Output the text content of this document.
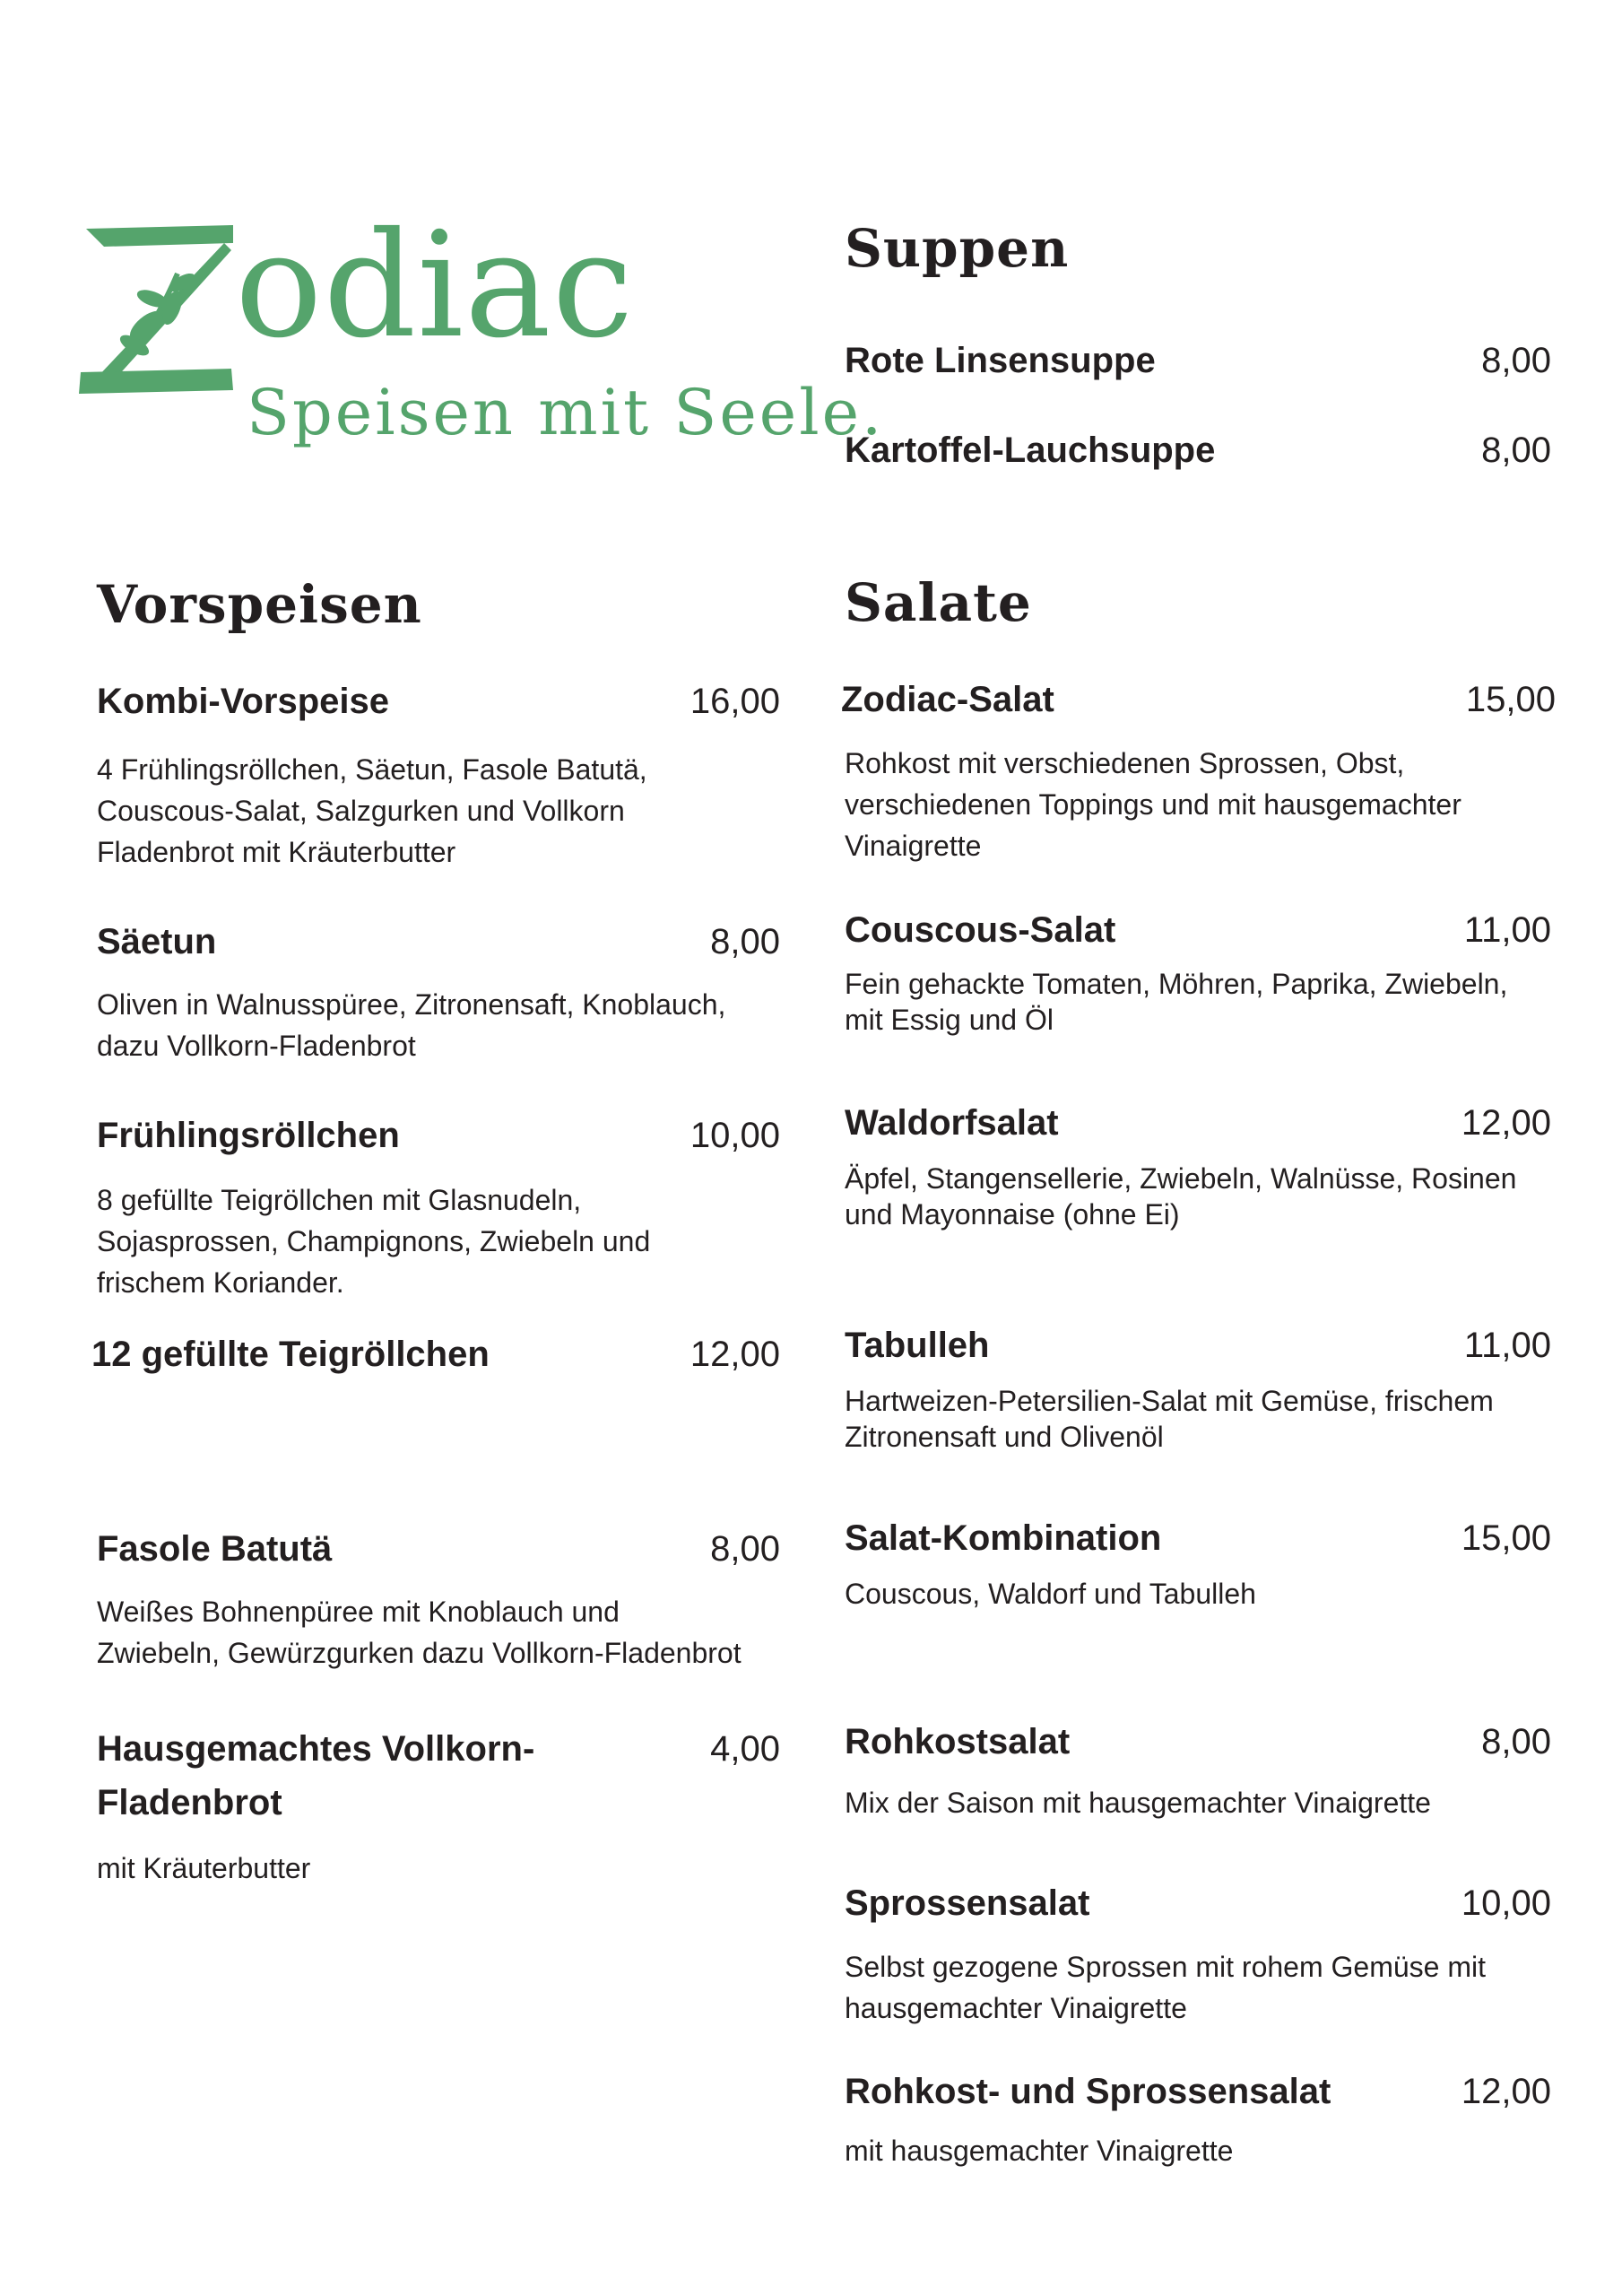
odiac
Speisen mit Seele.
Suppen
Rote Linsensuppe	8,00
Kartoffel-Lauchsuppe	8,00
Vorspeisen
Kombi-Vorspeise	16,00
4 Frühlingsröllchen, Säetun, Fasole Batutä,
Couscous-Salat, Salzgurken und Vollkorn
Fladenbrot mit Kräuterbutter
Säetun	8,00
Oliven in Walnusspüree, Zitronensaft, Knoblauch,
dazu Vollkorn-Fladenbrot
Frühlingsröllchen	10,00
8 gefüllte Teigröllchen mit Glasnudeln,
Sojasprossen, Champignons, Zwiebeln und
frischem Koriander.
12 gefüllte Teigröllchen	12,00
Fasole Batutä	8,00
Weißes Bohnenpüree mit Knoblauch und
Zwiebeln, Gewürzgurken dazu Vollkorn-Fladenbrot
Hausgemachtes Vollkorn-
Fladenbrot
4,00
mit Kräuterbutter
Salate
Zodiac-Salat	15,00
Rohkost mit verschiedenen Sprossen, Obst,
verschiedenen Toppings und mit hausgemachter
Vinaigrette
Couscous-Salat	11,00
Fein gehackte Tomaten, Möhren, Paprika, Zwiebeln,
mit Essig und Öl
Waldorfsalat	12,00
Äpfel, Stangensellerie, Zwiebeln, Walnüsse, Rosinen
und Mayonnaise (ohne Ei)
Tabulleh	11,00
Hartweizen-Petersilien-Salat mit Gemüse, frischem
Zitronensaft und Olivenöl
Salat-Kombination	15,00
Couscous, Waldorf und Tabulleh
Rohkostsalat	8,00
Mix der Saison mit hausgemachter Vinaigrette
Sprossensalat	10,00
Selbst gezogene Sprossen mit rohem Gemüse mit
hausgemachter Vinaigrette
Rohkost- und Sprossensalat	12,00
mit hausgemachter Vinaigrette
